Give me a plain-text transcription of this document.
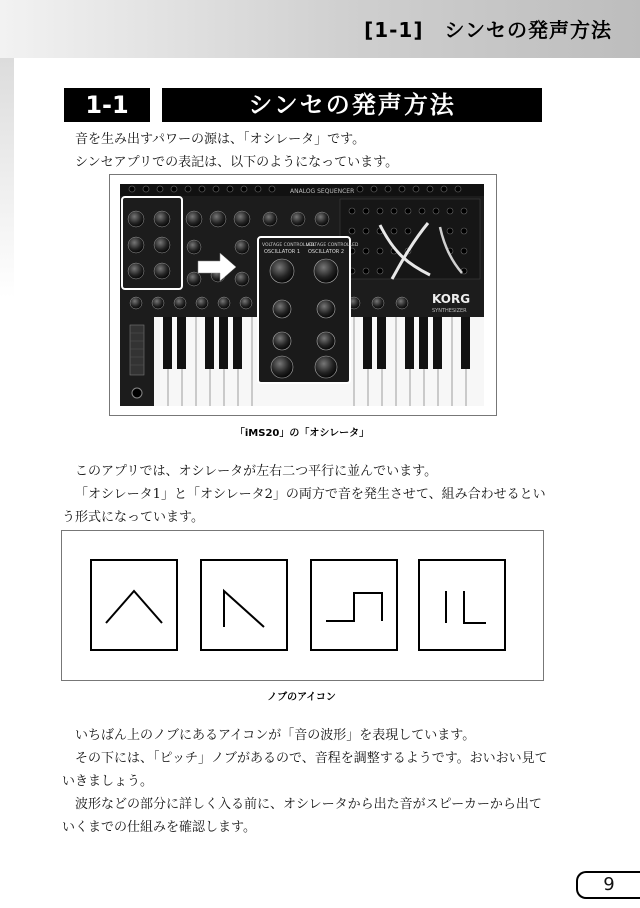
[1-1]　シンセの発声方法
1-1	シンセの発声方法

音を生み出すパワーの源は、「オシレータ」です。

シンセアプリでの表記は、以下のようになっています。

ANALOG SEQUENCER
KORG
SYNTHESIZER
VOLTAGE CONTROLLED
VOLTAGE CONTROLLED
OSCILLATOR 1 OSCILLATOR 2
「iMS20」の「オシレータ」

このアプリでは、オシレータが左右二つ平行に並んでいます。

「オシレータ1」と「オシレータ2」の両方で音を発生させて、組み合わせるという形式になっています。

ノブのアイコン

いちばん上のノブにあるアイコンが「音の波形」を表現しています。

その下には、「ピッチ」ノブがあるので、音程を調整するようです。おいおい見ていきましょう。

波形などの部分に詳しく入る前に、オシレータから出た音がスピーカーから出ていくまでの仕組みを確認します。

9
